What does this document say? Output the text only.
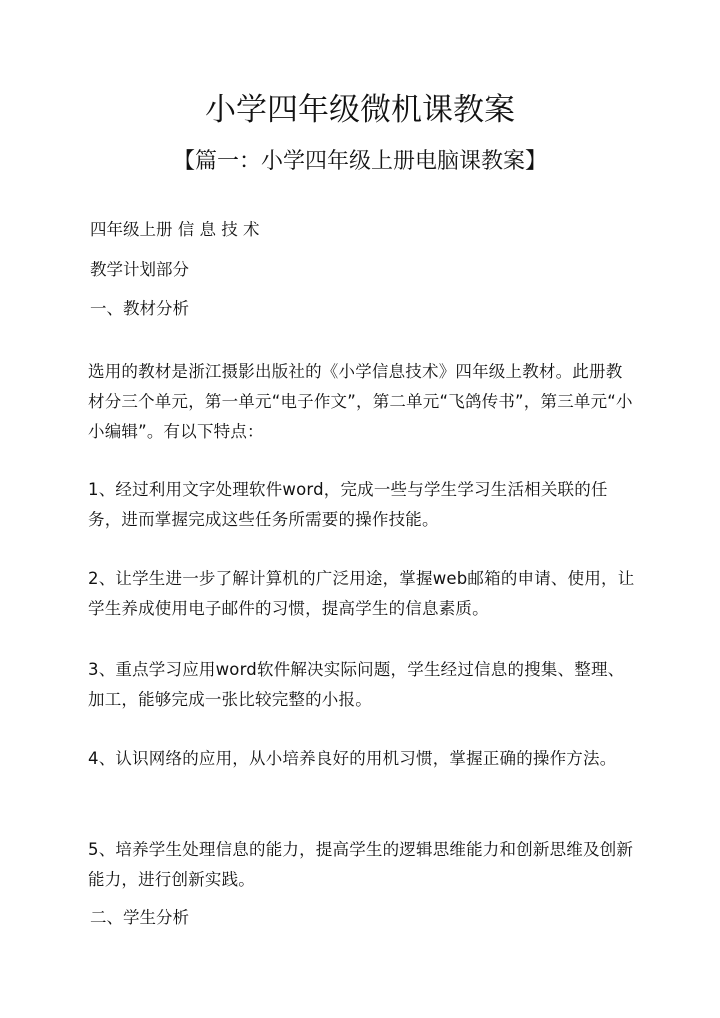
小学四年级微机课教案
【篇一：小学四年级上册电脑课教案】
四年级上册 信 息 技 术
教学计划部分
一、教材分析
选用的教材是浙江摄影出版社的《小学信息技术》四年级上教材。此册教材分三个单元，第一单元“电子作文”，第二单元“飞鸽传书”，第三单元“小小编辑”。有以下特点：
1、经过利用文字处理软件word，完成一些与学生学习生活相关联的任务，进而掌握完成这些任务所需要的操作技能。
2、让学生进一步了解计算机的广泛用途，掌握web邮箱的申请、使用，让学生养成使用电子邮件的习惯，提高学生的信息素质。
3、重点学习应用word软件解决实际问题，学生经过信息的搜集、整理、加工，能够完成一张比较完整的小报。
4、认识网络的应用，从小培养良好的用机习惯，掌握正确的操作方法。
5、培养学生处理信息的能力，提高学生的逻辑思维能力和创新思维及创新能力，进行创新实践。
二、学生分析
